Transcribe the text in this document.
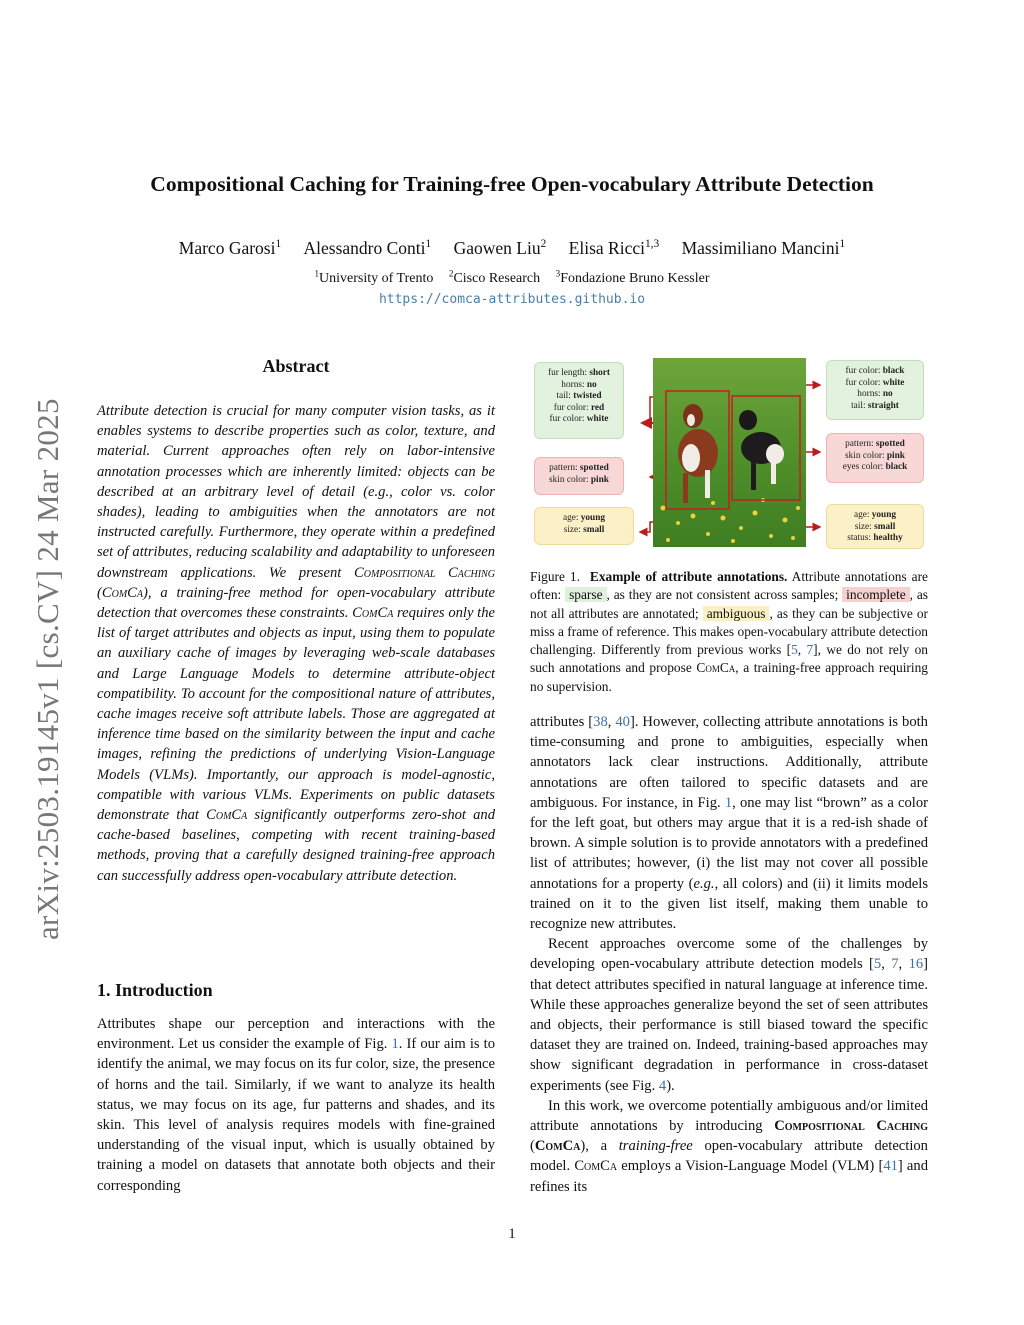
Compositional Caching for Training-free Open-vocabulary Attribute Detection
Marco Garosi$^1$ Alessandro Conti$^1$ Gaowen Liu$^2$ Elisa Ricci$^{1,3}$ Massimiliano Mancini$^1$
$^1$University of Trento $^2$Cisco Research $^3$Fondazione Bruno Kessler
https://comca-attributes.github.io
arXiv:2503.19145v1 [cs.CV] 24 Mar 2025
Abstract
Attribute detection is crucial for many computer vision tasks, as it enables systems to describe properties such as color, texture, and material. Current approaches often rely on labor-intensive annotation processes which are inherently limited: objects can be described at an arbitrary level of detail (e.g., color vs. color shades), leading to ambiguities when the annotators are not instructed carefully. Furthermore, they operate within a predefined set of attributes, reducing scalability and adaptability to unforeseen downstream applications. We present Compositional Caching (ComCa), a training-free method for open-vocabulary attribute detection that overcomes these constraints. ComCa requires only the list of target attributes and objects as input, using them to populate an auxiliary cache of images by leveraging web-scale databases and Large Language Models to determine attribute-object compatibility. To account for the compositional nature of attributes, cache images receive soft attribute labels. Those are aggregated at inference time based on the similarity between the input and cache images, refining the predictions of underlying Vision-Language Models (VLMs). Importantly, our approach is model-agnostic, compatible with various VLMs. Experiments on public datasets demonstrate that ComCa significantly outperforms zero-shot and cache-based baselines, competing with recent training-based methods, proving that a carefully designed training-free approach can successfully address open-vocabulary attribute detection.
1. Introduction
Attributes shape our perception and interactions with the environment. Let us consider the example of Fig. 1. If our aim is to identify the animal, we may focus on its fur color, size, the presence of horns and the tail. Similarly, if we want to analyze its health status, we may focus on its age, fur patterns and shades, and its skin. This level of analysis requires models with fine-grained understanding of the visual input, which is usually obtained by training a model on datasets that annotate both objects and their corresponding
fur length: short
horns: no
tail: twisted
fur color: red
fur color: white
pattern: spotted
skin color: pink
age: young
size: small
fur color: black
fur color: white
horns: no
tail: straight
pattern: spotted
skin color: pink
eyes color: black
age: young
size: small
status: healthy
Figure 1. Example of attribute annotations. Attribute annotations are often: sparse , as they are not consistent across samples; incomplete , as not all attributes are annotated; ambiguous , as they can be subjective or miss a frame of reference. This makes open-vocabulary attribute detection challenging. Differently from previous works [5, 7], we do not rely on such annotations and propose ComCa, a training-free approach requiring no supervision.

attributes [38, 40]. However, collecting attribute annotations is both time-consuming and prone to ambiguities, especially when annotators lack clear instructions. Additionally, attribute annotations are often tailored to specific datasets and are ambiguous. For instance, in Fig. 1, one may list “brown” as a color for the left goat, but others may argue that it is a red-ish shade of brown. A simple solution is to provide annotators with a predefined list of attributes; however, (i) the list may not cover all possible annotations for a property (e.g., all colors) and (ii) it limits models trained on it to the given list itself, making them unable to recognize new attributes.

Recent approaches overcome some of the challenges by developing open-vocabulary attribute detection models [5, 7, 16] that detect attributes specified in natural language at inference time. While these approaches generalize beyond the set of seen attributes and objects, their performance is still biased toward the specific dataset they are trained on. Indeed, training-based approaches may show significant degradation in performance in cross-dataset experiments (see Fig. 4).

In this work, we overcome potentially ambiguous and/or limited attribute annotations by introducing Compositional Caching (ComCa), a training-free open-vocabulary attribute detection model. ComCa employs a Vision-Language Model (VLM) [41] and refines its

1
